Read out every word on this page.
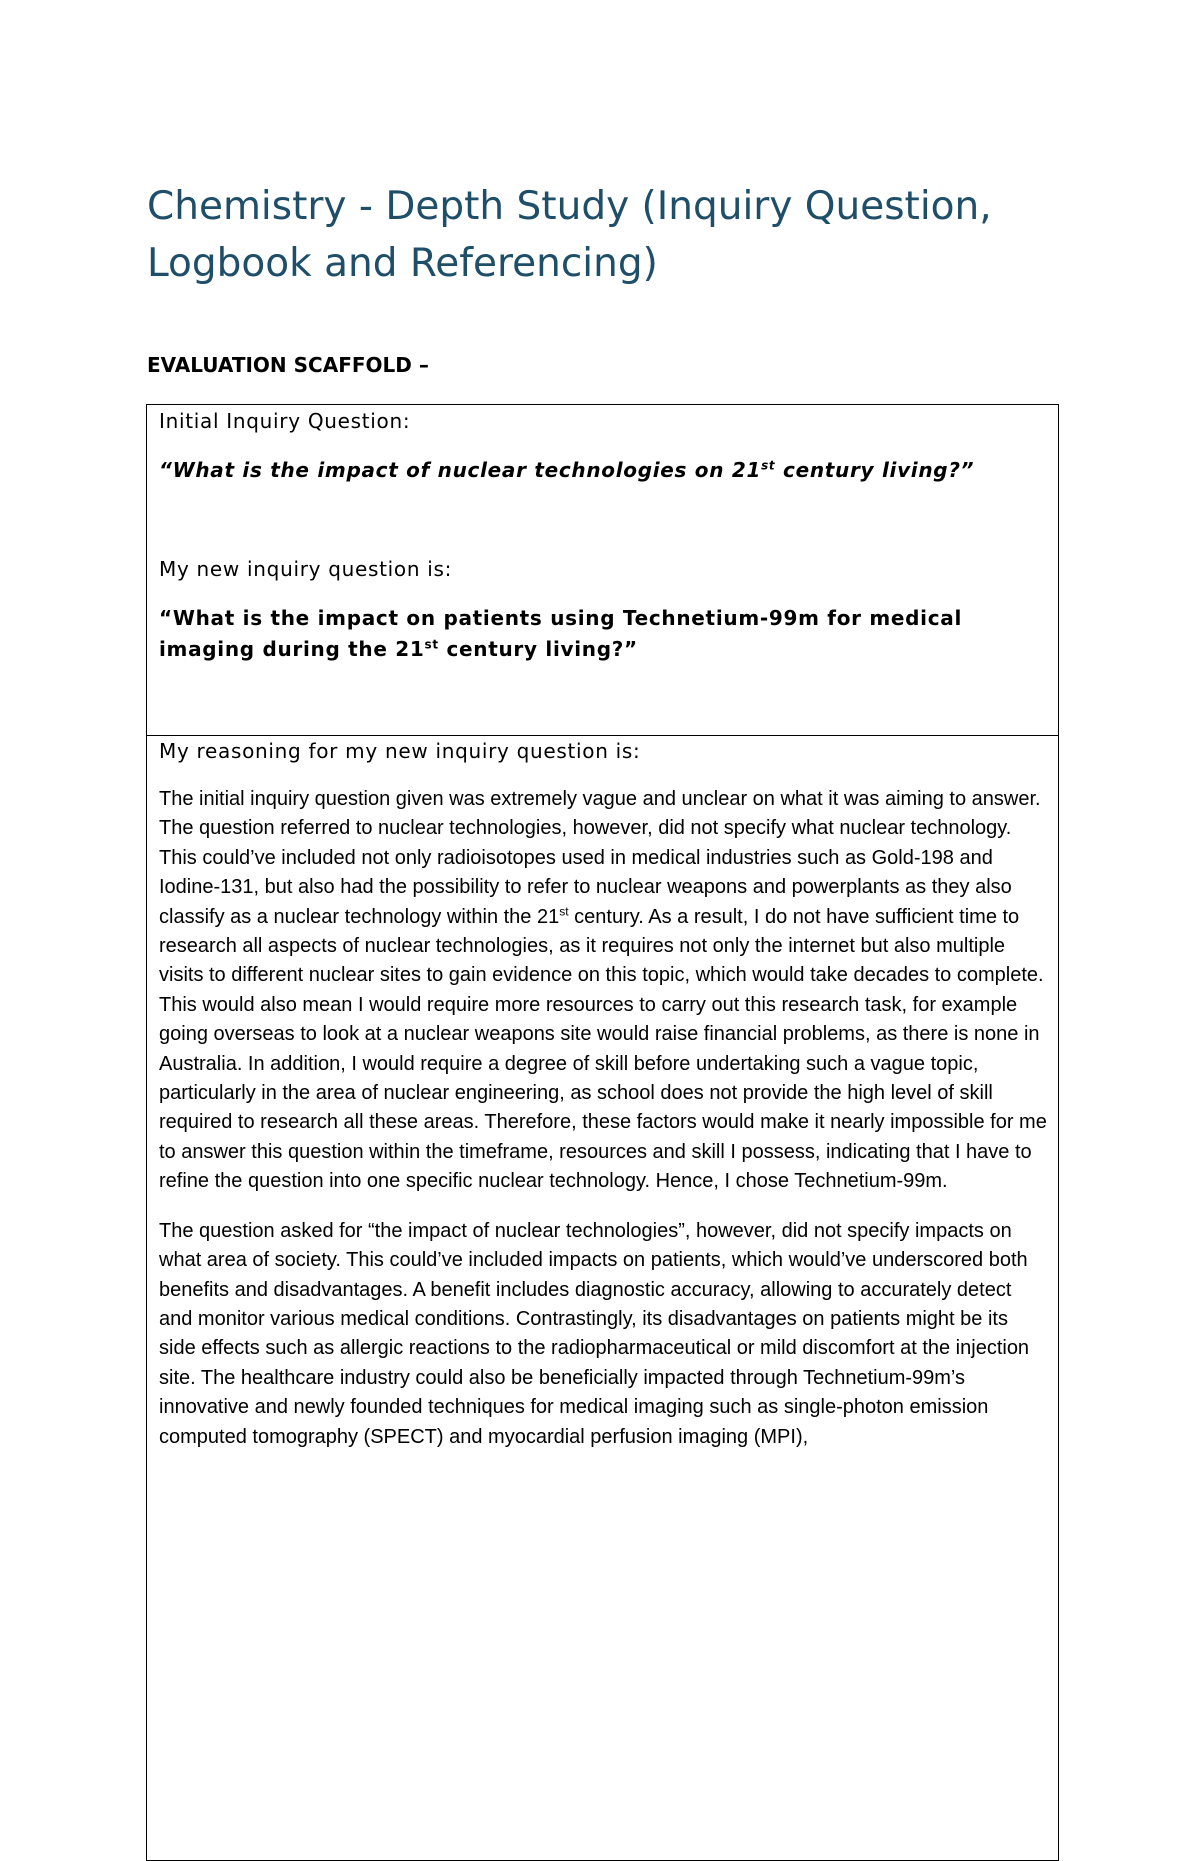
Chemistry - Depth Study (Inquiry Question, Logbook and Referencing)
EVALUATION SCAFFOLD –

Initial Inquiry Question:

“What is the impact of nuclear technologies on 21st century living?”

My new inquiry question is:

“What is the impact on patients using Technetium-99m for medical imaging during the 21st century living?”

My reasoning for my new inquiry question is:

The initial inquiry question given was extremely vague and unclear on what it was aiming to answer. The question referred to nuclear technologies, however, did not specify what nuclear technology. This could’ve included not only radioisotopes used in medical industries such as Gold-198 and Iodine-131, but also had the possibility to refer to nuclear weapons and powerplants as they also classify as a nuclear technology within the 21st century. As a result, I do not have sufficient time to research all aspects of nuclear technologies, as it requires not only the internet but also multiple visits to different nuclear sites to gain evidence on this topic, which would take decades to complete. This would also mean I would require more resources to carry out this research task, for example going overseas to look at a nuclear weapons site would raise financial problems, as there is none in Australia. In addition, I would require a degree of skill before undertaking such a vague topic, particularly in the area of nuclear engineering, as school does not provide the high level of skill required to research all these areas. Therefore, these factors would make it nearly impossible for me to answer this question within the timeframe, resources and skill I possess, indicating that I have to refine the question into one specific nuclear technology. Hence, I chose Technetium-99m.

The question asked for “the impact of nuclear technologies”, however, did not specify impacts on what area of society. This could’ve included impacts on patients, which would’ve underscored both benefits and disadvantages. A benefit includes diagnostic accuracy, allowing to accurately detect and monitor various medical conditions. Contrastingly, its disadvantages on patients might be its side effects such as allergic reactions to the radiopharmaceutical or mild discomfort at the injection site. The healthcare industry could also be beneficially impacted through Technetium-99m’s innovative and newly founded techniques for medical imaging such as single-photon emission computed tomography (SPECT) and myocardial perfusion imaging (MPI),
